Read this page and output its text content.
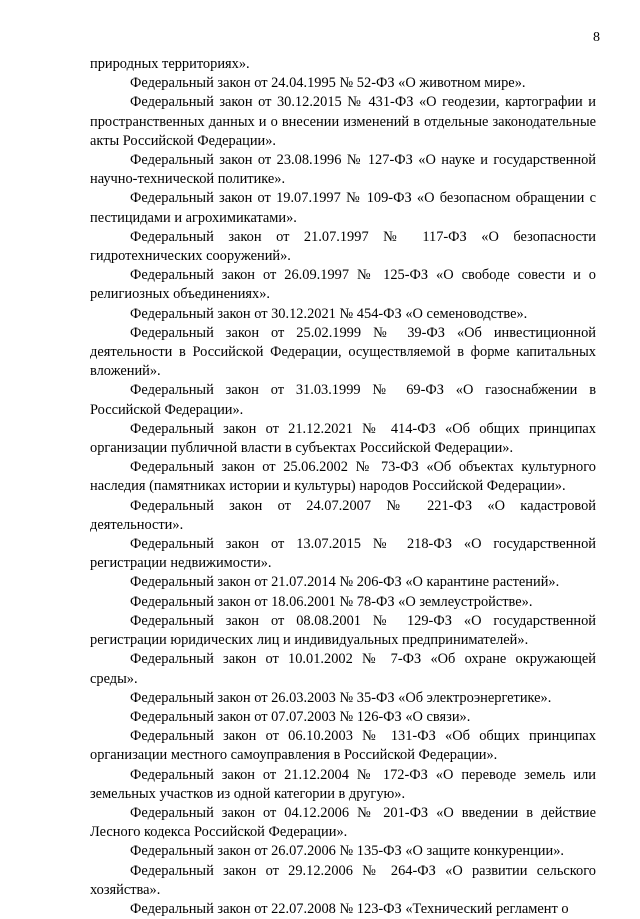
8

природных территориях».

Федеральный закон от 24.04.1995 № 52-ФЗ «О животном мире».

Федеральный закон от 30.12.2015 № 431-ФЗ «О геодезии, картографии и пространственных данных и о внесении изменений в отдельные законодательные акты Российской Федерации».

Федеральный закон от 23.08.1996 № 127-ФЗ «О науке и государственной научно-технической политике».

Федеральный закон от 19.07.1997 № 109-ФЗ «О безопасном обращении с пестицидами и агрохимикатами».

Федеральный закон от 21.07.1997 № 117-ФЗ «О безопасности гидротехнических сооружений».

Федеральный закон от 26.09.1997 № 125-ФЗ «О свободе совести и о религиозных объединениях».

Федеральный закон от 30.12.2021 № 454-ФЗ «О семеноводстве».

Федеральный закон от 25.02.1999 № 39-ФЗ «Об инвестиционной деятельности в Российской Федерации, осуществляемой в форме капитальных вложений».

Федеральный закон от 31.03.1999 № 69-ФЗ «О газоснабжении в Российской Федерации».

Федеральный закон от 21.12.2021 № 414-ФЗ «Об общих принципах организации публичной власти в субъектах Российской Федерации».

Федеральный закон от 25.06.2002 № 73-ФЗ «Об объектах культурного наследия (памятниках истории и культуры) народов Российской Федерации».

Федеральный закон от 24.07.2007 № 221-ФЗ «О кадастровой деятельности».

Федеральный закон от 13.07.2015 № 218-ФЗ «О государственной регистрации недвижимости».

Федеральный закон от 21.07.2014 № 206-ФЗ «О карантине растений».

Федеральный закон от 18.06.2001 № 78-ФЗ «О землеустройстве».

Федеральный закон от 08.08.2001 № 129-ФЗ «О государственной регистрации юридических лиц и индивидуальных предпринимателей».

Федеральный закон от 10.01.2002 № 7-ФЗ «Об охране окружающей среды».

Федеральный закон от 26.03.2003 № 35-ФЗ «Об электроэнергетике».

Федеральный закон от 07.07.2003 № 126-ФЗ «О связи».

Федеральный закон от 06.10.2003 № 131-ФЗ «Об общих принципах организации местного самоуправления в Российской Федерации».

Федеральный закон от 21.12.2004 № 172-ФЗ «О переводе земель или земельных участков из одной категории в другую».

Федеральный закон от 04.12.2006 № 201-ФЗ «О введении в действие Лесного кодекса Российской Федерации».

Федеральный закон от 26.07.2006 № 135-ФЗ «О защите конкуренции».

Федеральный закон от 29.12.2006 № 264-ФЗ «О развитии сельского хозяйства».

Федеральный закон от 22.07.2008 № 123-ФЗ «Технический регламент о
